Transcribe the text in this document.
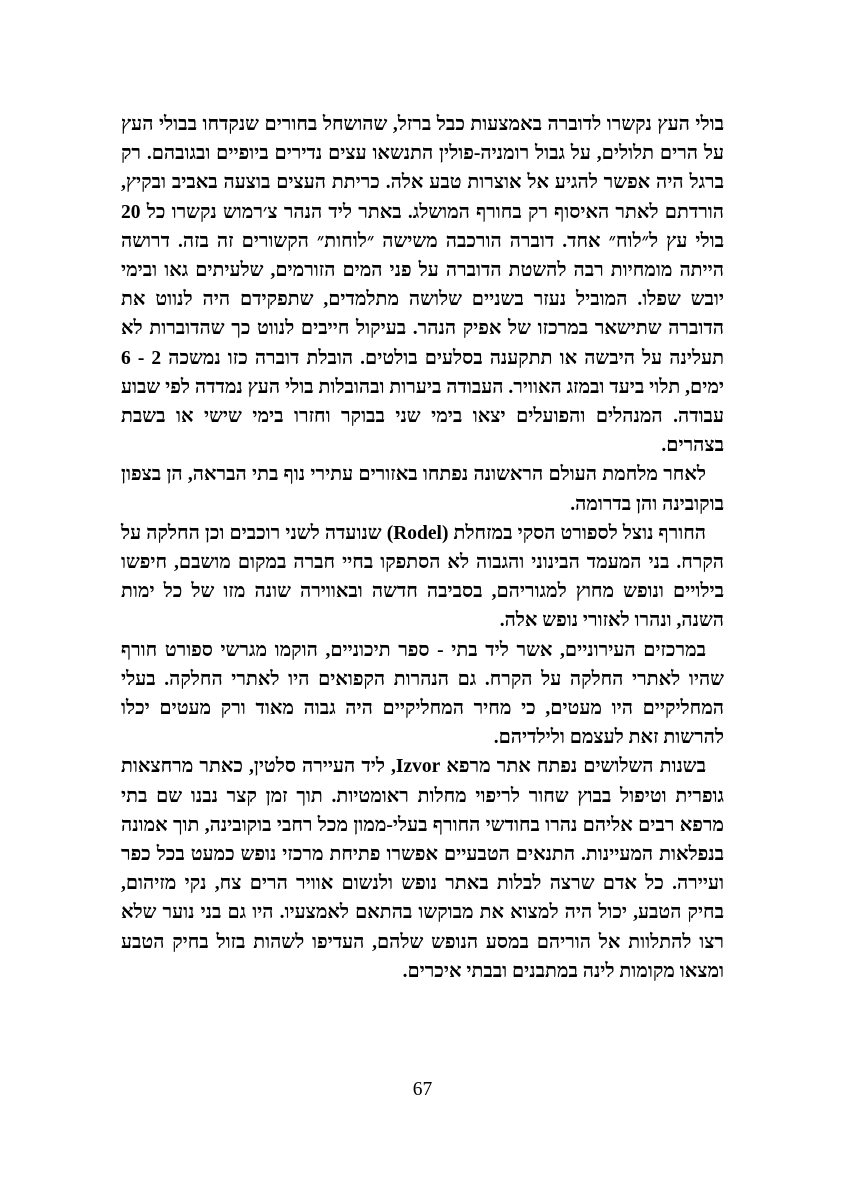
בולי העץ נקשרו לדוברה באמצעות כבל ברזל, שהושחל בחורים שנקדחו בבולי העץ על הרים תלולים, על גבול רומניה-פולין התנשאו עצים נדירים ביופיים ובגובהם. רק ברגל היה אפשר להגיע אל אוצרות טבע אלה. כריתת העצים בוצעה באביב ובקיץ, הורדתם לאתר האיסוף רק בחורף המושלג. באתר ליד הנהר צ׳רמוש נקשרו כל 20 בולי עץ ל״לוח״ אחד. דוברה הורכבה משישה ״לוחות״ הקשורים זה בזה. דרושה הייתה מומחיות רבה להשטת הדוברה על פני המים הזורמים, שלעיתים גאו ובימי יובש שפלו. המוביל נעזר בשניים שלושה מתלמדים, שתפקידם היה לנווט את הדוברה שתישאר במרכזו של אפיק הנהר. בעיקול חייבים לנווט כך שהדוברות לא תעלינה על היבשה או תתקענה בסלעים בולטים. הובלת דוברה כזו נמשכה 2 - 6 ימים, תלוי ביעד ובמזג האוויר. העבודה ביערות ובהובלות בולי העץ נמדדה לפי שבוע עבודה. המנהלים והפועלים יצאו בימי שני בבוקר וחזרו בימי שישי או בשבת בצהרים.

לאחר מלחמת העולם הראשונה נפתחו באזורים עתירי נוף בתי הבראה, הן בצפון בוקובינה והן בדרומה.

החורף נוצל לספורט הסקי במזחלת (Rodel) שנועדה לשני רוכבים וכן החלקה על הקרח. בני המעמד הבינוני והגבוה לא הסתפקו בחיי חברה במקום מושבם, חיפשו בילויים ונופש מחוץ למגוריהם, בסביבה חדשה ובאווירה שונה מזו של כל ימות השנה, ונהרו לאזורי נופש אלה.

במרכזים העירוניים, אשר ליד בתי - ספר תיכוניים, הוקמו מגרשי ספורט חורף שהיו לאתרי החלקה על הקרח. גם הנהרות הקפואים היו לאתרי החלקה. בעלי המחליקיים היו מעטים, כי מחיר המחליקיים היה גבוה מאוד ורק מעטים יכלו להרשות זאת לעצמם ולילדיהם.

בשנות השלושים נפתח אתר מרפא Izvor, ליד העיירה סלטין, כאתר מרחצאות גופרית וטיפול בבוץ שחור לריפוי מחלות ראומטיות. תוך זמן קצר נבנו שם בתי מרפא רבים אליהם נהרו בחודשי החורף בעלי-ממון מכל רחבי בוקובינה, תוך אמונה בנפלאות המעיינות. התנאים הטבעיים אפשרו פתיחת מרכזי נופש כמעט בכל כפר ועיירה. כל אדם שרצה לבלות באתר נופש ולנשום אוויר הרים צח, נקי מזיהום, בחיק הטבע, יכול היה למצוא את מבוקשו בהתאם לאמצעיו. היו גם בני נוער שלא רצו להתלוות אל הוריהם במסע הנופש שלהם, העדיפו לשהות בזול בחיק הטבע ומצאו מקומות לינה במתבנים ובבתי איכרים.

67
